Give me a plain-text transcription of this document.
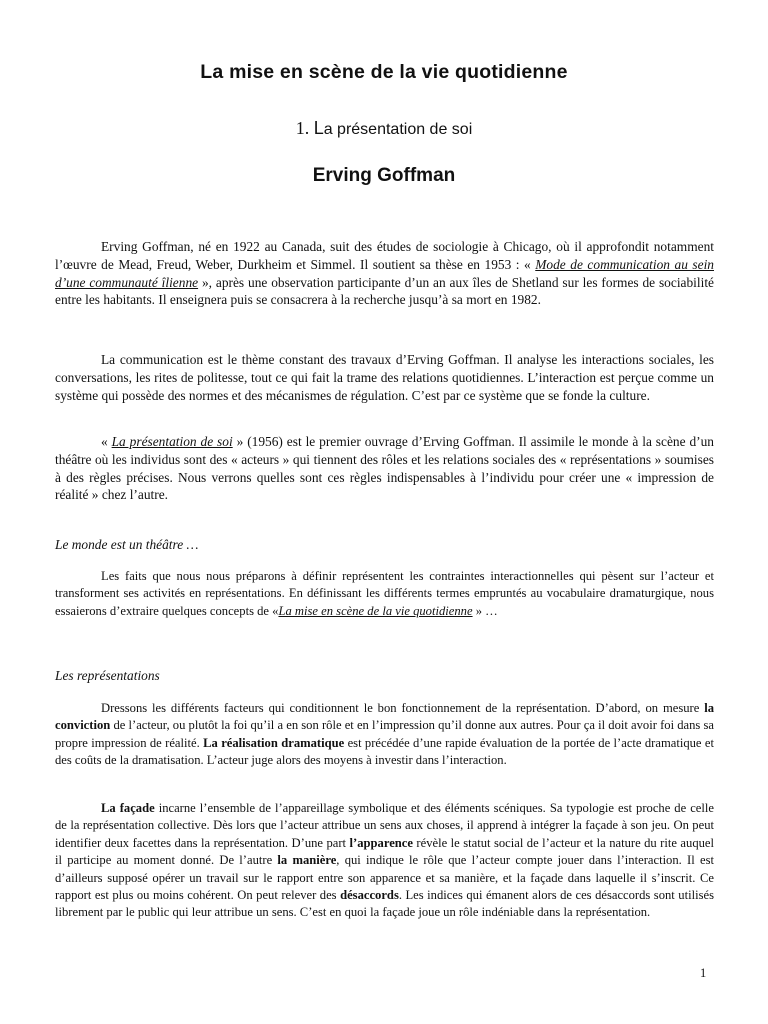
La mise en scène de la vie quotidienne
1. La présentation de soi
Erving Goffman

Erving Goffman, né en 1922 au Canada, suit des études de sociologie à Chicago, où il approfondit notamment l’œuvre de Mead, Freud, Weber, Durkheim et Simmel. Il soutient sa thèse en 1953 : « Mode de communication au sein d’une communauté îlienne », après une observation participante d’un an aux îles de Shetland sur les formes de sociabilité entre les habitants. Il enseignera puis se consacrera à la recherche jusqu’à sa mort en 1982.

La communication est le thème constant des travaux d’Erving Goffman. Il analyse les interactions sociales, les conversations, les rites de politesse, tout ce qui fait la trame des relations quotidiennes. L’interaction est perçue comme un système qui possède des normes et des mécanismes de régulation. C’est par ce système que se fonde la culture.

« La présentation de soi » (1956) est le premier ouvrage d’Erving Goffman. Il assimile le monde à la scène d’un théâtre où les individus sont des « acteurs » qui tiennent des rôles et les relations sociales des « représentations » soumises à des règles précises. Nous verrons quelles sont ces règles indispensables à l’individu pour créer une « impression de réalité » chez l’autre.

Le monde est un théâtre …

Les faits que nous nous préparons à définir représentent les contraintes interactionnelles qui pèsent sur l’acteur et transforment ses activités en représentations. En définissant les différents termes empruntés au vocabulaire dramaturgique, nous essaierons d’extraire quelques concepts de «La mise en scène de la vie quotidienne » …

Les représentations

Dressons les différents facteurs qui conditionnent le bon fonctionnement de la représentation. D’abord, on mesure la conviction de l’acteur, ou plutôt la foi qu’il a en son rôle et en l’impression qu’il donne aux autres. Pour ça il doit avoir foi dans sa propre impression de réalité. La réalisation dramatique est précédée d’une rapide évaluation de la portée de l’acte dramatique et des coûts de la dramatisation. L’acteur juge alors des moyens à investir dans l’interaction.

La façade incarne l’ensemble de l’appareillage symbolique et des éléments scéniques. Sa typologie est proche de celle de la représentation collective. Dès lors que l’acteur attribue un sens aux choses, il apprend à intégrer la façade à son jeu. On peut identifier deux facettes dans la représentation. D’une part l’apparence révèle le statut social de l’acteur et la nature du rite auquel il participe au moment donné. De l’autre la manière, qui indique le rôle que l’acteur compte jouer dans l’interaction. Il est d’ailleurs supposé opérer un travail sur le rapport entre son apparence et sa manière, et la façade dans laquelle il s’inscrit. Ce rapport est plus ou moins cohérent. On peut relever des désaccords. Les indices qui émanent alors de ces désaccords sont utilisés librement par le public qui leur attribue un sens. C’est en quoi la façade joue un rôle indéniable dans la représentation.

1
